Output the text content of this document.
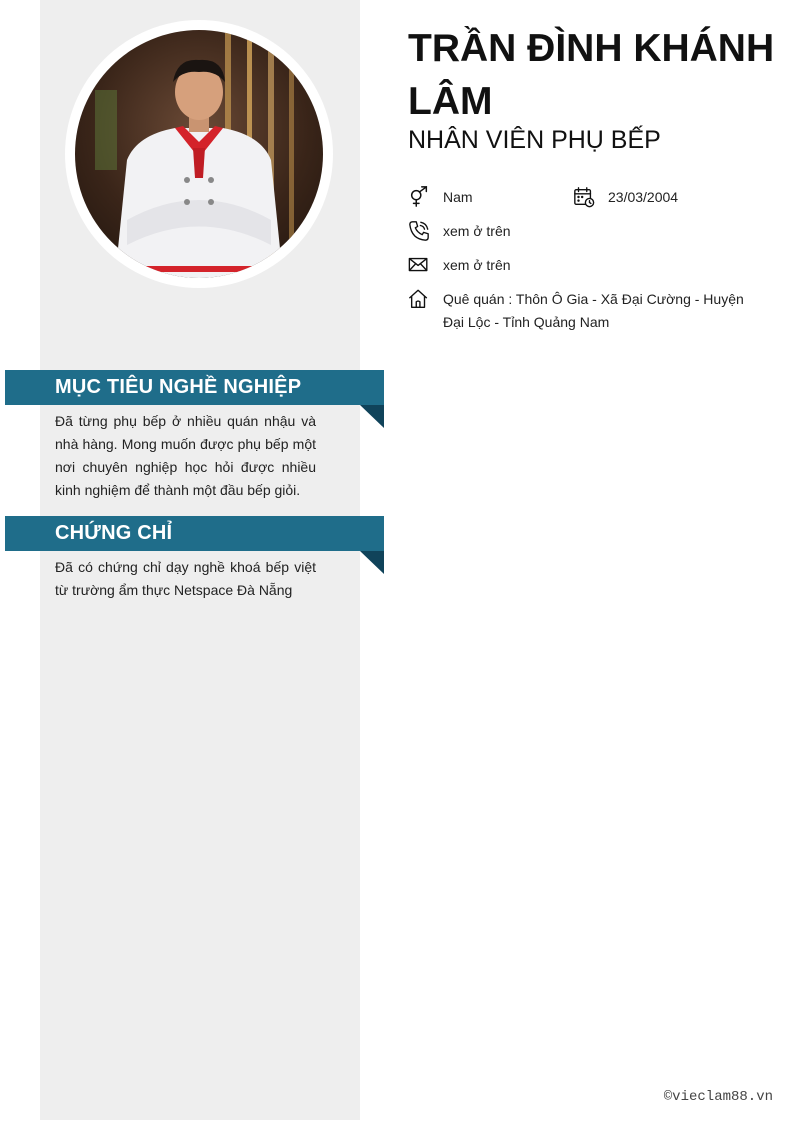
TRẦN ĐÌNH KHÁNH LÂM
NHÂN VIÊN PHỤ BẾP
Nam	23/03/2004
xem ở trên
xem ở trên
Quê quán : Thôn Ô Gia - Xã Đại Cường - Huyện Đại Lộc - Tỉnh Quảng Nam
MỤC TIÊU NGHỀ NGHIỆP
Đã từng phụ bếp ở nhiều quán nhậu và nhà hàng. Mong muốn được phụ bếp một nơi chuyên nghiệp học hỏi được nhiều kinh nghiệm để thành một đầu bếp giỏi.
CHỨNG CHỈ
Đã có chứng chỉ dạy nghề khoá bếp việt từ trường ẩm thực Netspace Đà Nẵng
©vieclam88.vn
